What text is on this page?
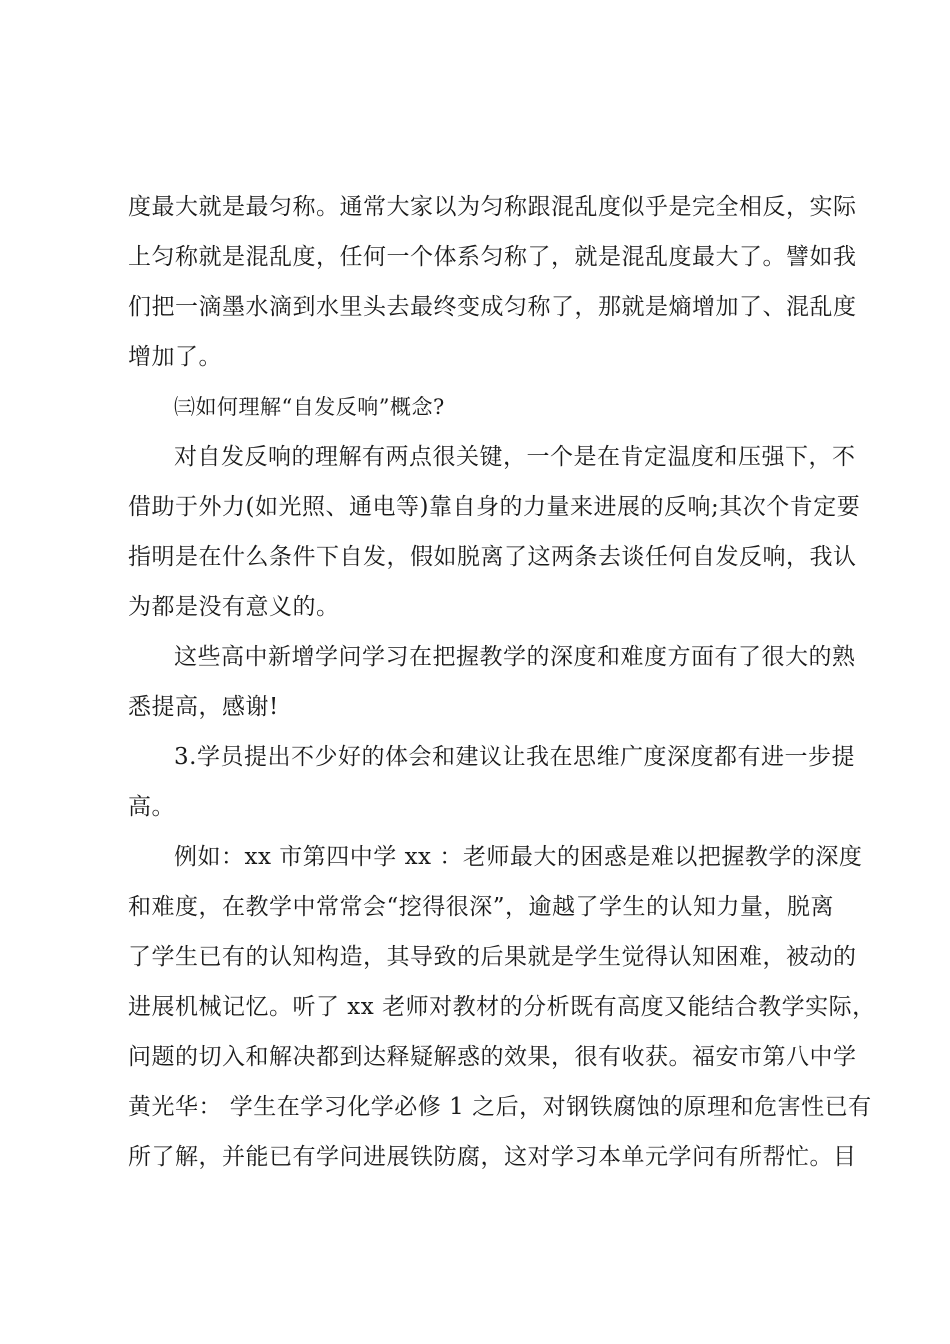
度最大就是最匀称。通常大家以为匀称跟混乱度似乎是完全相反，实际
上匀称就是混乱度，任何一个体系匀称了，就是混乱度最大了。譬如我
们把一滴墨水滴到水里头去最终变成匀称了，那就是熵增加了、混乱度
增加了。
㈢如何理解“自发反响”概念?
对自发反响的理解有两点很关键，一个是在肯定温度和压强下，不
借助于外力(如光照、通电等)靠自身的力量来进展的反响;其次个肯定要
指明是在什么条件下自发，假如脱离了这两条去谈任何自发反响，我认
为都是没有意义的。
这些高中新增学问学习在把握教学的深度和难度方面有了很大的熟
悉提高，感谢!
3.学员提出不少好的体会和建议让我在思维广度深度都有进一步提
高。
例如：xx 市第四中学 xx ：老师最大的困惑是难以把握教学的深度
和难度，在教学中常常会“挖得很深”，逾越了学生的认知力量，脱离
了学生已有的认知构造，其导致的后果就是学生觉得认知困难，被动的
进展机械记忆。听了 xx 老师对教材的分析既有高度又能结合教学实际，
问题的切入和解决都到达释疑解惑的效果，很有收获。福安市第八中学
黄光华： 学生在学习化学必修 1 之后，对钢铁腐蚀的原理和危害性已有
所了解，并能已有学问进展铁防腐，这对学习本单元学问有所帮忙。目
